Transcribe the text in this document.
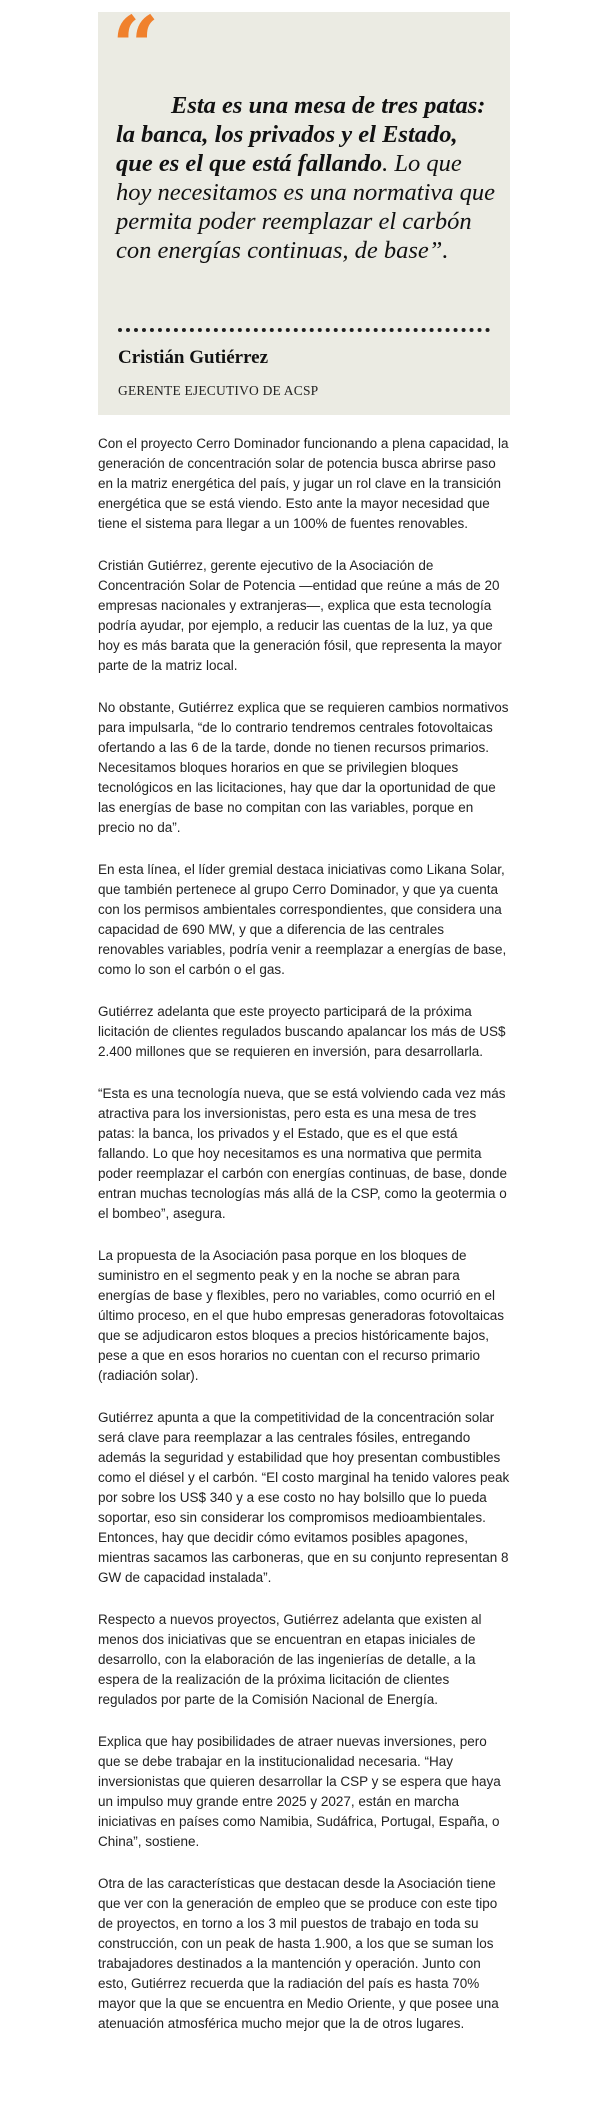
“

Esta es una mesa de tres patas: la banca, los privados y el Estado, que es el que está fallando. Lo que hoy necesitamos es una normativa que permita poder reemplazar el carbón con energías continuas, de base”.

Cristián Gutiérrez

GERENTE EJECUTIVO DE ACSP

Con el proyecto Cerro Dominador funcionando a plena capacidad, la generación de concentración solar de potencia busca abrirse paso en la matriz energética del país, y jugar un rol clave en la transición energética que se está viendo. Esto ante la mayor necesidad que tiene el sistema para llegar a un 100% de fuentes renovables.

Cristián Gutiérrez, gerente ejecutivo de la Asociación de Concentración Solar de Potencia —entidad que reúne a más de 20 empresas nacionales y extranjeras—, explica que esta tecnología podría ayudar, por ejemplo, a reducir las cuentas de la luz, ya que hoy es más barata que la generación fósil, que representa la mayor parte de la matriz local.

No obstante, Gutiérrez explica que se requieren cambios normativos para impulsarla, “de lo contrario tendremos centrales fotovoltaicas ofertando a las 6 de la tarde, donde no tienen recursos primarios. Necesitamos bloques horarios en que se privilegien bloques tecnológicos en las licitaciones, hay que dar la oportunidad de que las energías de base no compitan con las variables, porque en precio no da”.

En esta línea, el líder gremial destaca iniciativas como Likana Solar, que también pertenece al grupo Cerro Dominador, y que ya cuenta con los permisos ambientales correspondientes, que considera una capacidad de 690 MW, y que a diferencia de las centrales renovables variables, podría venir a reemplazar a energías de base, como lo son el carbón o el gas.

Gutiérrez adelanta que este proyecto participará de la próxima licitación de clientes regulados buscando apalancar los más de US$ 2.400 millones que se requieren en inversión, para desarrollarla.

“Esta es una tecnología nueva, que se está volviendo cada vez más atractiva para los inversionistas, pero esta es una mesa de tres patas: la banca, los privados y el Estado, que es el que está fallando. Lo que hoy necesitamos es una normativa que permita poder reemplazar el carbón con energías continuas, de base, donde entran muchas tecnologías más allá de la CSP, como la geotermia o el bombeo”, asegura.

La propuesta de la Asociación pasa porque en los bloques de suministro en el segmento peak y en la noche se abran para energías de base y flexibles, pero no variables, como ocurrió en el último proceso, en el que hubo empresas generadoras fotovoltaicas que se adjudicaron estos bloques a precios históricamente bajos, pese a que en esos horarios no cuentan con el recurso primario (radiación solar).

Gutiérrez apunta a que la competitividad de la concentración solar será clave para reemplazar a las centrales fósiles, entregando además la seguridad y estabilidad que hoy presentan combustibles como el diésel y el carbón. “El costo marginal ha tenido valores peak por sobre los US$ 340 y a ese costo no hay bolsillo que lo pueda soportar, eso sin considerar los compromisos medioambientales. Entonces, hay que decidir cómo evitamos posibles apagones, mientras sacamos las carboneras, que en su conjunto representan 8 GW de capacidad instalada”.

Respecto a nuevos proyectos, Gutiérrez adelanta que existen al menos dos iniciativas que se encuentran en etapas iniciales de desarrollo, con la elaboración de las ingenierías de detalle, a la espera de la realización de la próxima licitación de clientes regulados por parte de la Comisión Nacional de Energía.

Explica que hay posibilidades de atraer nuevas inversiones, pero que se debe trabajar en la institucionalidad necesaria. “Hay inversionistas que quieren desarrollar la CSP y se espera que haya un impulso muy grande entre 2025 y 2027, están en marcha iniciativas en países como Namibia, Sudáfrica, Portugal, España, o China”, sostiene.

Otra de las características que destacan desde la Asociación tiene que ver con la generación de empleo que se produce con este tipo de proyectos, en torno a los 3 mil puestos de trabajo en toda su construcción, con un peak de hasta 1.900, a los que se suman los trabajadores destinados a la mantención y operación. Junto con esto, Gutiérrez recuerda que la radiación del país es hasta 70% mayor que la que se encuentra en Medio Oriente, y que posee una atenuación atmosférica mucho mejor que la de otros lugares.
